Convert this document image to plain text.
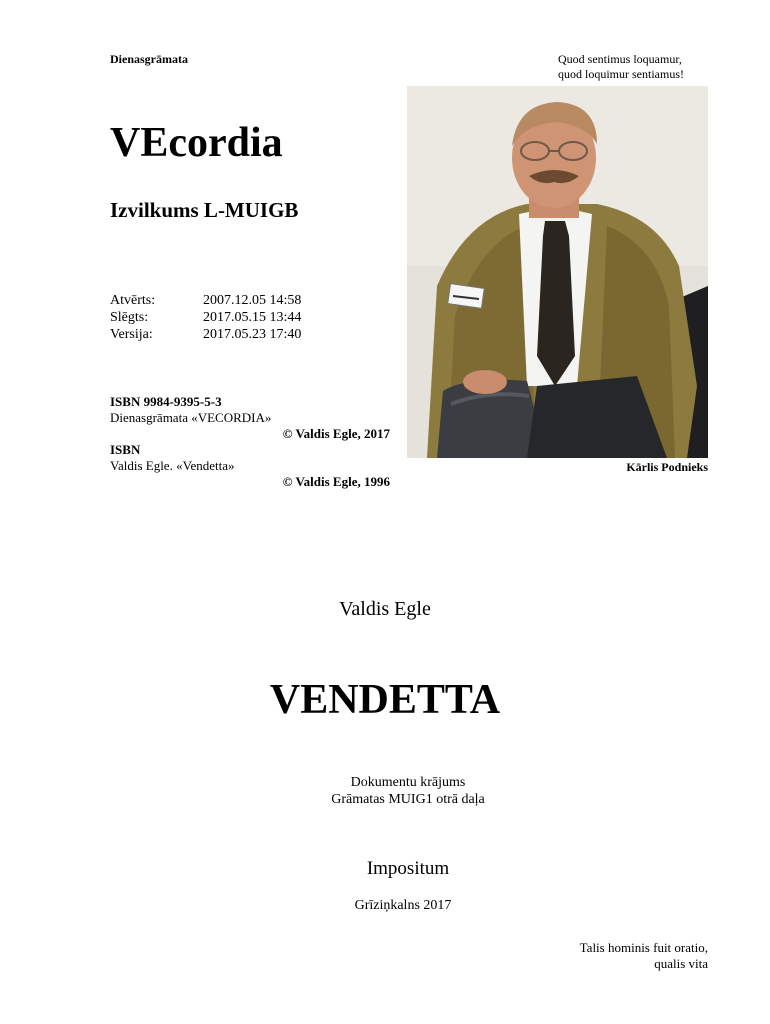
Dienasgrāmata	Quod sentimus loquamur,
quod loquimur sentiamus!
VEcordia
Izvilkums L-MUIGB
Atvērts:	2007.12.05 14:58
Slēgts:	2017.05.15 13:44
Versija:	2017.05.23 17:40
ISBN 9984-9395-5-3
Dienasgrāmata «VECORDIA»
© Valdis Egle, 2017
ISBN
Valdis Egle. «Vendetta»
© Valdis Egle, 1996
Kārlis Podnieks
Valdis Egle
VENDETTA
Dokumentu krājums
Grāmatas MUIG1 otrā daļa
Impositum
Grīziņkalns 2017
Talis hominis fuit oratio,
qualis vita
